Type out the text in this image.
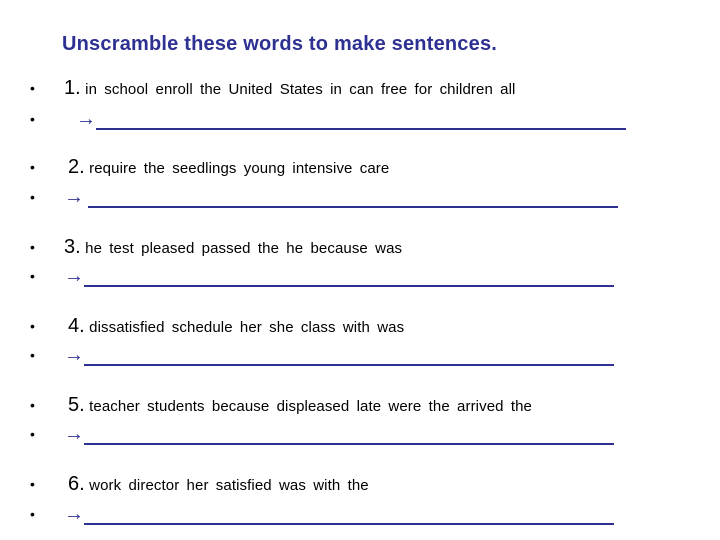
Unscramble these words to make sentences.
• 1. in school enroll the United States in can free for children all
• →
• 2. require the seedlings young intensive care
• →
• 3. he test pleased passed the he because was
• →
• 4. dissatisfied schedule her she class with was
• →
• 5. teacher students because displeased late were the arrived the
• →
• 6. work director her satisfied was with the
• →
